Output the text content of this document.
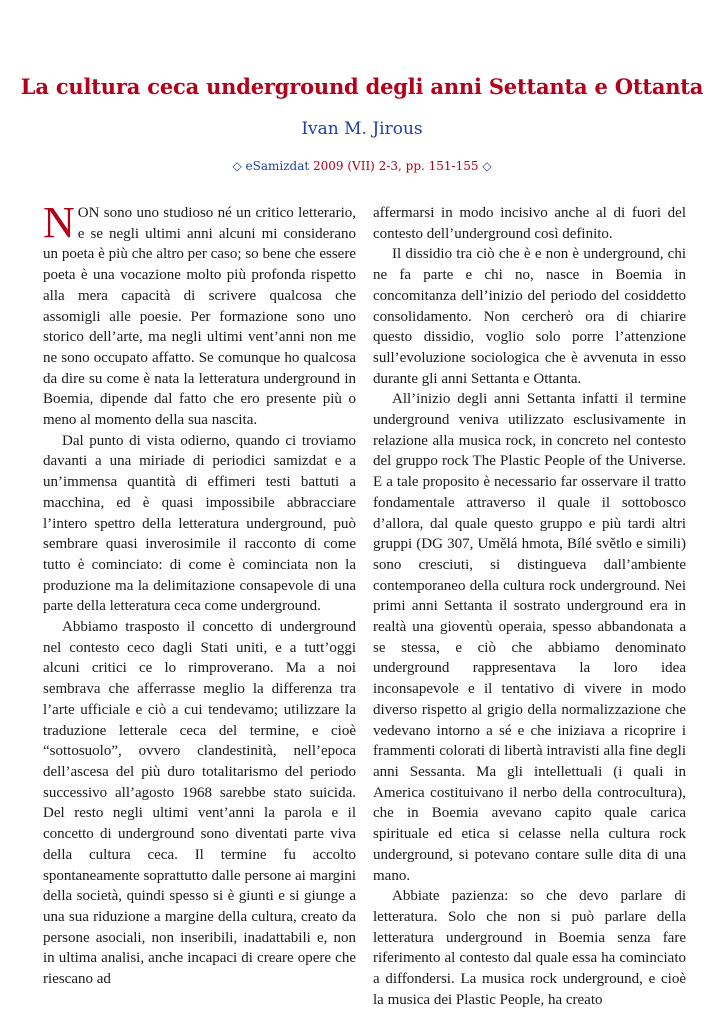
La cultura ceca underground degli anni Settanta e Ottanta
Ivan M. Jirous
◇ eSamizdat 2009 (VII) 2-3, pp. 151-155 ◇

NON sono uno studioso né un critico letterario, e se negli ultimi anni alcuni mi considerano un poeta è più che altro per caso; so bene che essere poeta è una vocazione molto più profonda rispetto alla mera capacità di scrivere qualcosa che assomigli alle poesie. Per formazione sono uno storico dell’arte, ma negli ultimi vent’anni non me ne sono occupato affatto. Se comunque ho qualcosa da dire su come è nata la letteratura underground in Boemia, dipende dal fatto che ero presente più o meno al momento della sua nascita.

Dal punto di vista odierno, quando ci troviamo davanti a una miriade di periodici samizdat e a un’immensa quantità di effimeri testi battuti a macchina, ed è quasi impossibile abbracciare l’intero spettro della letteratura underground, può sembrare quasi inverosimile il racconto di come tutto è cominciato: di come è cominciata non la produzione ma la delimitazione consapevole di una parte della letteratura ceca come underground.

Abbiamo trasposto il concetto di underground nel contesto ceco dagli Stati uniti, e a tutt’oggi alcuni critici ce lo rimproverano. Ma a noi sembrava che afferrasse meglio la differenza tra l’arte ufficiale e ciò a cui tendevamo; utilizzare la traduzione letterale ceca del termine, e cioè “sottosuolo”, ovvero clandestinità, nell’epoca dell’ascesa del più duro totalitarismo del periodo successivo all’agosto 1968 sarebbe stato suicida. Del resto negli ultimi vent’anni la parola e il concetto di underground sono diventati parte viva della cultura ceca. Il termine fu accolto spontaneamente soprattutto dalle persone ai margini della società, quindi spesso si è giunti e si giunge a una sua riduzione a margine della cultura, creato da persone asociali, non inseribili, inadattabili e, non in ultima analisi, anche incapaci di creare opere che riescano ad

affermarsi in modo incisivo anche al di fuori del contesto dell’underground così definito.

Il dissidio tra ciò che è e non è underground, chi ne fa parte e chi no, nasce in Boemia in concomitanza dell’inizio del periodo del cosiddetto consolidamento. Non cercherò ora di chiarire questo dissidio, voglio solo porre l’attenzione sull’evoluzione sociologica che è avvenuta in esso durante gli anni Settanta e Ottanta.

All’inizio degli anni Settanta infatti il termine underground veniva utilizzato esclusivamente in relazione alla musica rock, in concreto nel contesto del gruppo rock The Plastic People of the Universe. E a tale proposito è necessario far osservare il tratto fondamentale attraverso il quale il sottobosco d’allora, dal quale questo gruppo e più tardi altri gruppi (DG 307, Umělá hmota, Bílé světlo e simili) sono cresciuti, si distingueva dall’ambiente contemporaneo della cultura rock underground. Nei primi anni Settanta il sostrato underground era in realtà una gioventù operaia, spesso abbandonata a se stessa, e ciò che abbiamo denominato underground rappresentava la loro idea inconsapevole e il tentativo di vivere in modo diverso rispetto al grigio della normalizzazione che vedevano intorno a sé e che iniziava a ricoprire i frammenti colorati di libertà intravisti alla fine degli anni Sessanta. Ma gli intellettuali (i quali in America costituivano il nerbo della controcultura), che in Boemia avevano capito quale carica spirituale ed etica si celasse nella cultura rock underground, si potevano contare sulle dita di una mano.

Abbiate pazienza: so che devo parlare di letteratura. Solo che non si può parlare della letteratura underground in Boemia senza fare riferimento al contesto dal quale essa ha cominciato a diffondersi. La musica rock underground, e cioè la musica dei Plastic People, ha creato
